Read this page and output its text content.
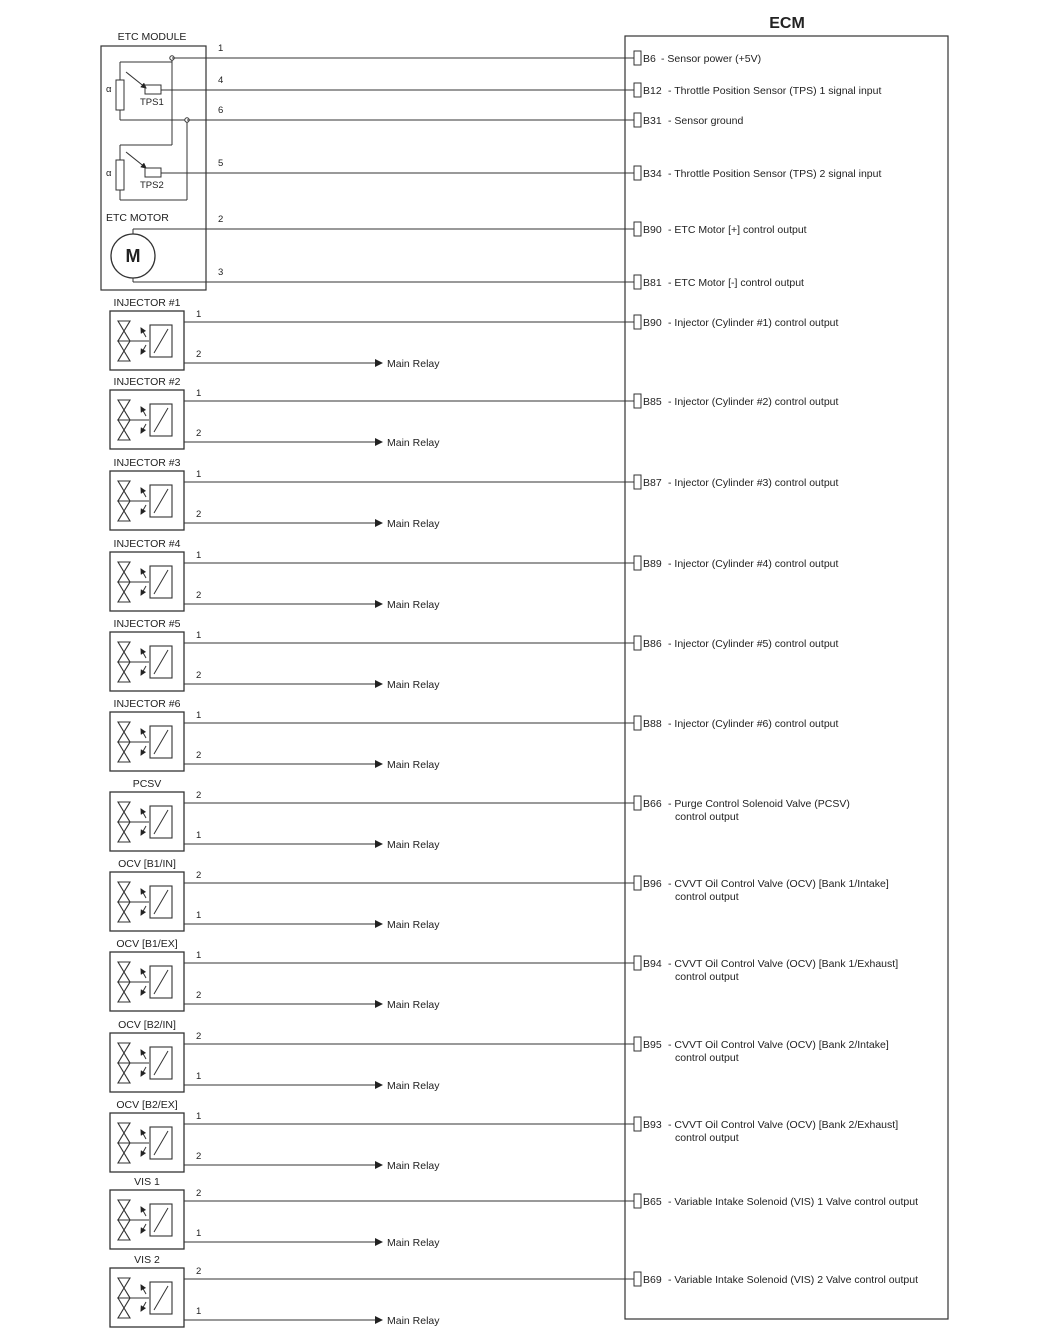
ECM
ETC MODULE
α
TPS1
α
TPS2
ETC MOTOR
M
1
B6 - Sensor power (+5V)
4
B12 - Throttle Position Sensor (TPS) 1 signal input
6
B31 - Sensor ground
5
B34 - Throttle Position Sensor (TPS) 2 signal input
2
B90 - ETC Motor [+] control output
3
B81 - ETC Motor [-] control output
INJECTOR #1
1
2
Main Relay
B90 - Injector (Cylinder #1) control output
INJECTOR #2
1
2
Main Relay
B85 - Injector (Cylinder #2) control output
INJECTOR #3
1
2
Main Relay
B87 - Injector (Cylinder #3) control output
INJECTOR #4
1
2
Main Relay
B89 - Injector (Cylinder #4) control output
INJECTOR #5
1
2
Main Relay
B86 - Injector (Cylinder #5) control output
INJECTOR #6
1
2
Main Relay
B88 - Injector (Cylinder #6) control output
PCSV
2
1
Main Relay
B66 - Purge Control Solenoid Valve (PCSV)
control output
OCV [B1/IN]
2
1
Main Relay
B96 - CVVT Oil Control Valve (OCV) [Bank 1/Intake]
control output
OCV [B1/EX]
1
2
Main Relay
B94 - CVVT Oil Control Valve (OCV) [Bank 1/Exhaust]
control output
OCV [B2/IN]
2
1
Main Relay
B95 - CVVT Oil Control Valve (OCV) [Bank 2/Intake]
control output
OCV [B2/EX]
1
2
Main Relay
B93 - CVVT Oil Control Valve (OCV) [Bank 2/Exhaust]
control output
VIS 1
2
1
Main Relay
B65 - Variable Intake Solenoid (VIS) 1 Valve control output
VIS 2
2
1
Main Relay
B69 - Variable Intake Solenoid (VIS) 2 Valve control output
